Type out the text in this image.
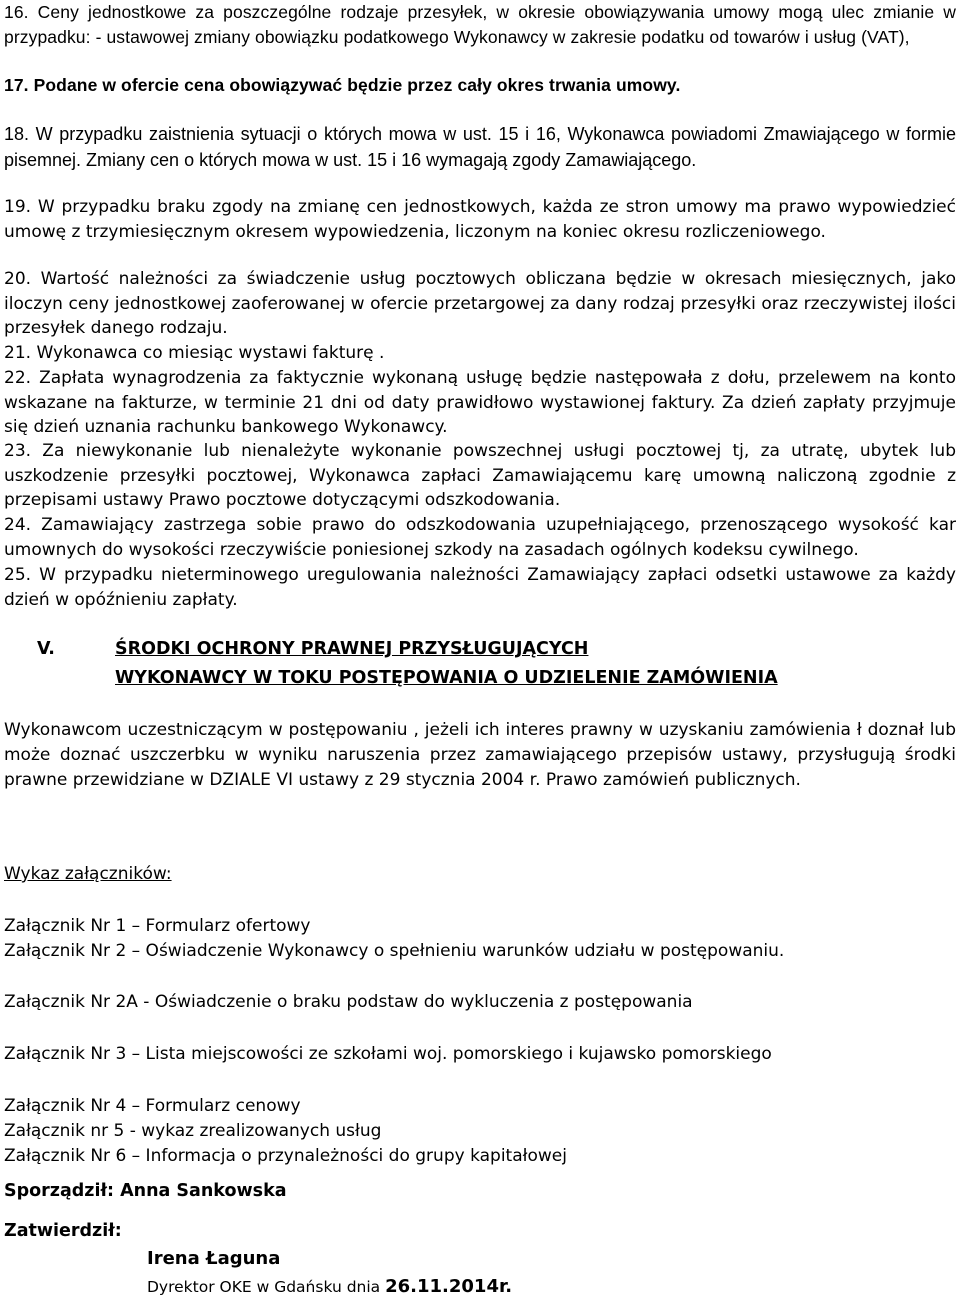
16. Ceny jednostkowe za poszczególne rodzaje przesyłek, w okresie obowiązywania umowy mogą ulec zmianie w przypadku: - ustawowej zmiany obowiązku podatkowego Wykonawcy w zakresie podatku od towarów i usług (VAT),

17. Podane w ofercie cena obowiązywać będzie przez cały okres trwania umowy.

18. W przypadku zaistnienia sytuacji o których mowa w ust. 15 i 16, Wykonawca powiadomi Zmawiającego w formie pisemnej. Zmiany cen o których mowa w ust. 15 i 16 wymagają zgody Zamawiającego.

19. W przypadku braku zgody na zmianę cen jednostkowych, każda ze stron umowy ma prawo wypowiedzieć umowę z trzymiesięcznym okresem wypowiedzenia, liczonym na koniec okresu rozliczeniowego.

20. Wartość należności za świadczenie usług pocztowych obliczana będzie w okresach miesięcznych, jako iloczyn ceny jednostkowej zaoferowanej w ofercie przetargowej za dany rodzaj przesyłki oraz rzeczywistej ilości przesyłek danego rodzaju.

21. Wykonawca co miesiąc wystawi fakturę .

22. Zapłata wynagrodzenia za faktycznie wykonaną usługę będzie następowała z dołu, przelewem na konto wskazane na fakturze, w terminie 21 dni od daty prawidłowo wystawionej faktury. Za dzień zapłaty przyjmuje się dzień uznania rachunku bankowego Wykonawcy.

23. Za niewykonanie lub nienależyte wykonanie powszechnej usługi pocztowej tj, za utratę, ubytek lub uszkodzenie przesyłki pocztowej, Wykonawca zapłaci Zamawiającemu karę umowną naliczoną zgodnie z przepisami ustawy Prawo pocztowe dotyczącymi odszkodowania.

24. Zamawiający zastrzega sobie prawo do odszkodowania uzupełniającego, przenoszącego wysokość kar umownych do wysokości rzeczywiście poniesionej szkody na zasadach ogólnych kodeksu cywilnego.

25. W przypadku nieterminowego uregulowania należności Zamawiający zapłaci odsetki ustawowe za każdy dzień w opóźnieniu zapłaty.

V.	ŚRODKI OCHRONY PRAWNEJ PRZYSŁUGUJĄCYCH
WYKONAWCY W TOKU POSTĘPOWANIA O UDZIELENIE ZAMÓWIENIA

Wykonawcom uczestniczącym w postępowaniu , jeżeli ich interes prawny w uzyskaniu zamówienia ł doznał lub może doznać uszczerbku w wyniku naruszenia przez zamawiającego przepisów ustawy, przysługują środki prawne przewidziane w DZIALE VI ustawy z 29 stycznia 2004 r. Prawo zamówień publicznych.

Wykaz załączników:
Załącznik Nr 1 – Formularz ofertowy
Załącznik Nr 2 – Oświadczenie Wykonawcy o spełnieniu warunków udziału w postępowaniu.
Załącznik Nr 2A - Oświadczenie o braku podstaw do wykluczenia z postępowania
Załącznik Nr 3 – Lista miejscowości ze szkołami woj. pomorskiego i kujawsko pomorskiego
Załącznik Nr 4 – Formularz cenowy
Załącznik nr 5 - wykaz zrealizowanych usług
Załącznik Nr 6 – Informacja o przynależności do grupy kapitałowej
Sporządził: Anna Sankowska
Zatwierdził:
Irena Łaguna
Dyrektor OKE w Gdańsku dnia 26.11.2014r.
